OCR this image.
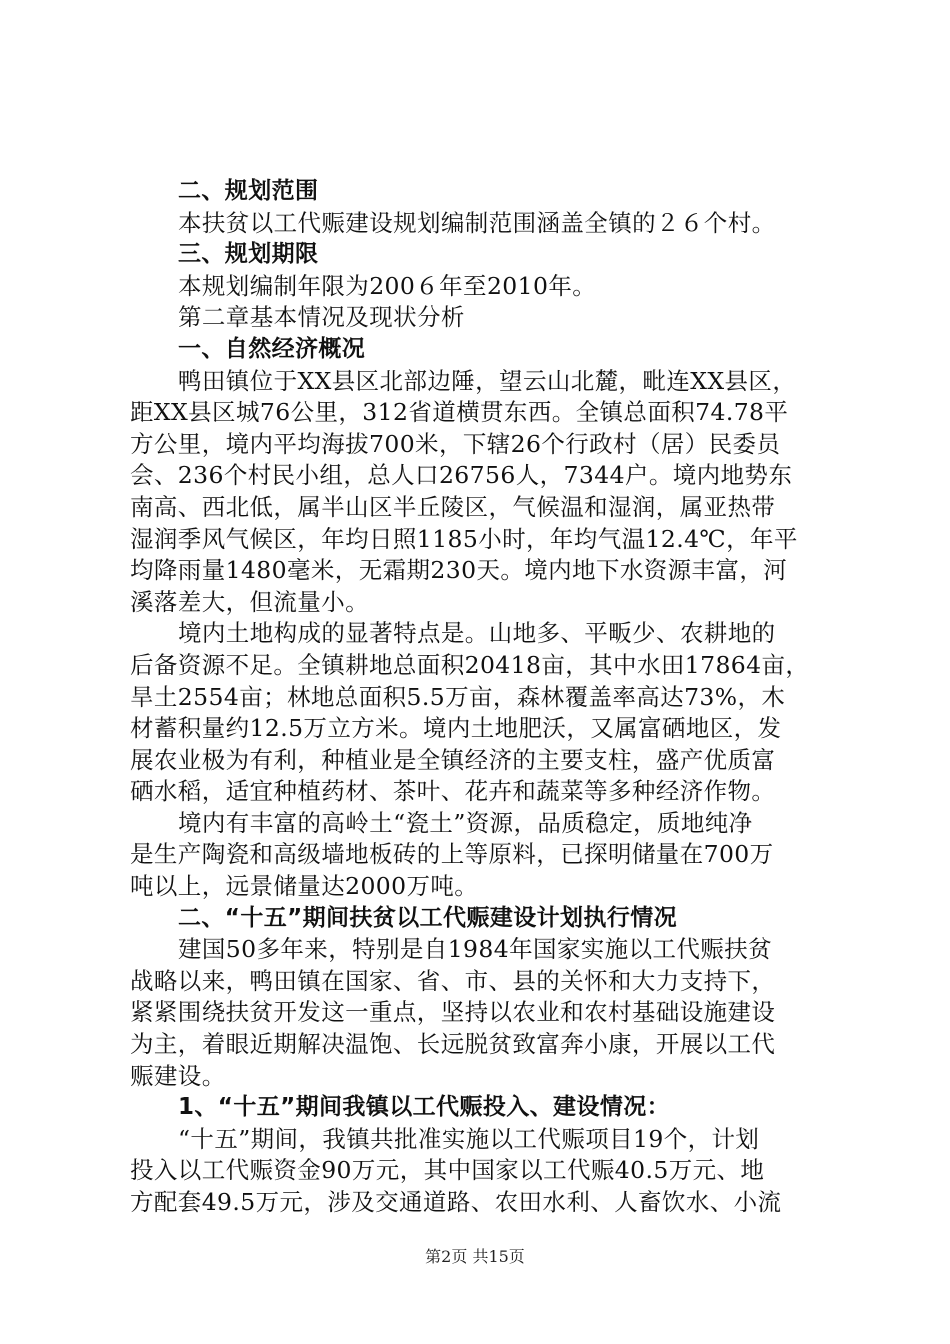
二、规划范围
本扶贫以工代赈建设规划编制范围涵盖全镇的２６个村。
三、规划期限
本规划编制年限为200６年至2010年。
第二章基本情况及现状分析
一、自然经济概况
鸭田镇位于XX县区北部边陲，望云山北麓，毗连XX县区，
距XX县区城76公里，312省道横贯东西。全镇总面积74.78平
方公里，境内平均海拔700米，下辖26个行政村（居）民委员
会、236个村民小组，总人口26756人，7344户。境内地势东
南高、西北低，属半山区半丘陵区，气候温和湿润，属亚热带
湿润季风气候区，年均日照1185小时，年均气温12.4℃，年平
均降雨量1480毫米，无霜期230天。境内地下水资源丰富，河
溪落差大，但流量小。
境内土地构成的显著特点是。山地多、平畈少、农耕地的
后备资源不足。全镇耕地总面积20418亩，其中水田17864亩，
旱土2554亩；林地总面积5.5万亩，森林覆盖率高达73%，木
材蓄积量约12.5万立方米。境内土地肥沃，又属富硒地区，发
展农业极为有利，种植业是全镇经济的主要支柱，盛产优质富
硒水稻，适宜种植药材、茶叶、花卉和蔬菜等多种经济作物。
境内有丰富的高岭土“瓷土”资源，品质稳定，质地纯净
是生产陶瓷和高级墙地板砖的上等原料，已探明储量在700万
吨以上，远景储量达2000万吨。
二、“十五”期间扶贫以工代赈建设计划执行情况
建国50多年来，特别是自1984年国家实施以工代赈扶贫
战略以来，鸭田镇在国家、省、市、县的关怀和大力支持下，
紧紧围绕扶贫开发这一重点，坚持以农业和农村基础设施建设
为主，着眼近期解决温饱、长远脱贫致富奔小康，开展以工代
赈建设。
1、“十五”期间我镇以工代赈投入、建设情况：
“十五”期间，我镇共批准实施以工代赈项目19个，计划
投入以工代赈资金90万元，其中国家以工代赈40.5万元、地
方配套49.5万元，涉及交通道路、农田水利、人畜饮水、小流
第2页 共15页
